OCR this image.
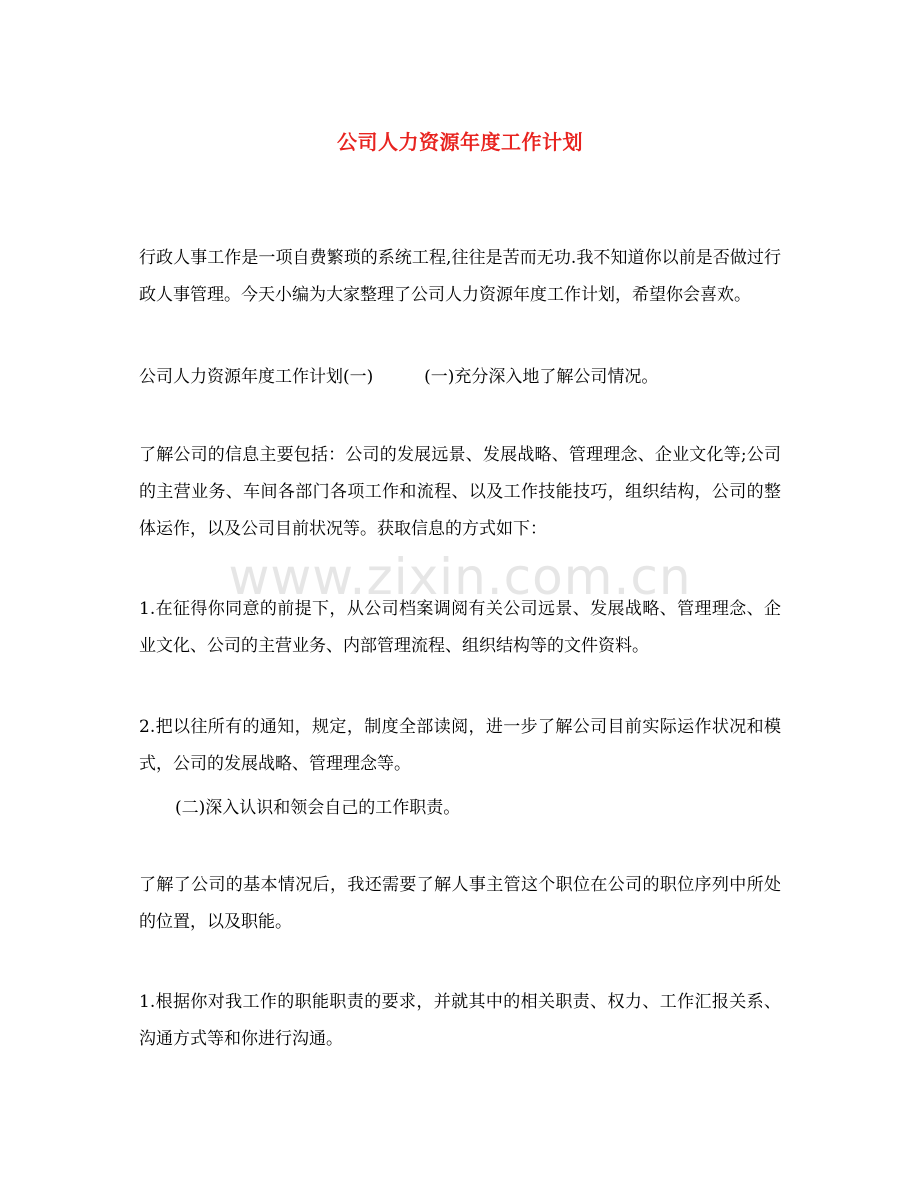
公司人力资源年度工作计划

行政人事工作是一项自费繁琐的系统工程,往往是苦而无功.我不知道你以前是否做过行政人事管理。今天小编为大家整理了公司人力资源年度工作计划，希望你会喜欢。

公司人力资源年度工作计划(一)	(一)充分深入地了解公司情况。

了解公司的信息主要包括：公司的发展远景、发展战略、管理理念、企业文化等;公司的主营业务、车间各部门各项工作和流程、以及工作技能技巧，组织结构，公司的整体运作，以及公司目前状况等。获取信息的方式如下：

www.zixin.com.cn

1.在征得你同意的前提下，从公司档案调阅有关公司远景、发展战略、管理理念、企业文化、公司的主营业务、内部管理流程、组织结构等的文件资料。

2.把以往所有的通知，规定，制度全部读阅，进一步了解公司目前实际运作状况和模式，公司的发展战略、管理理念等。

(二)深入认识和领会自己的工作职责。

了解了公司的基本情况后，我还需要了解人事主管这个职位在公司的职位序列中所处的位置，以及职能。

1.根据你对我工作的职能职责的要求，并就其中的相关职责、权力、工作汇报关系、沟通方式等和你进行沟通。
